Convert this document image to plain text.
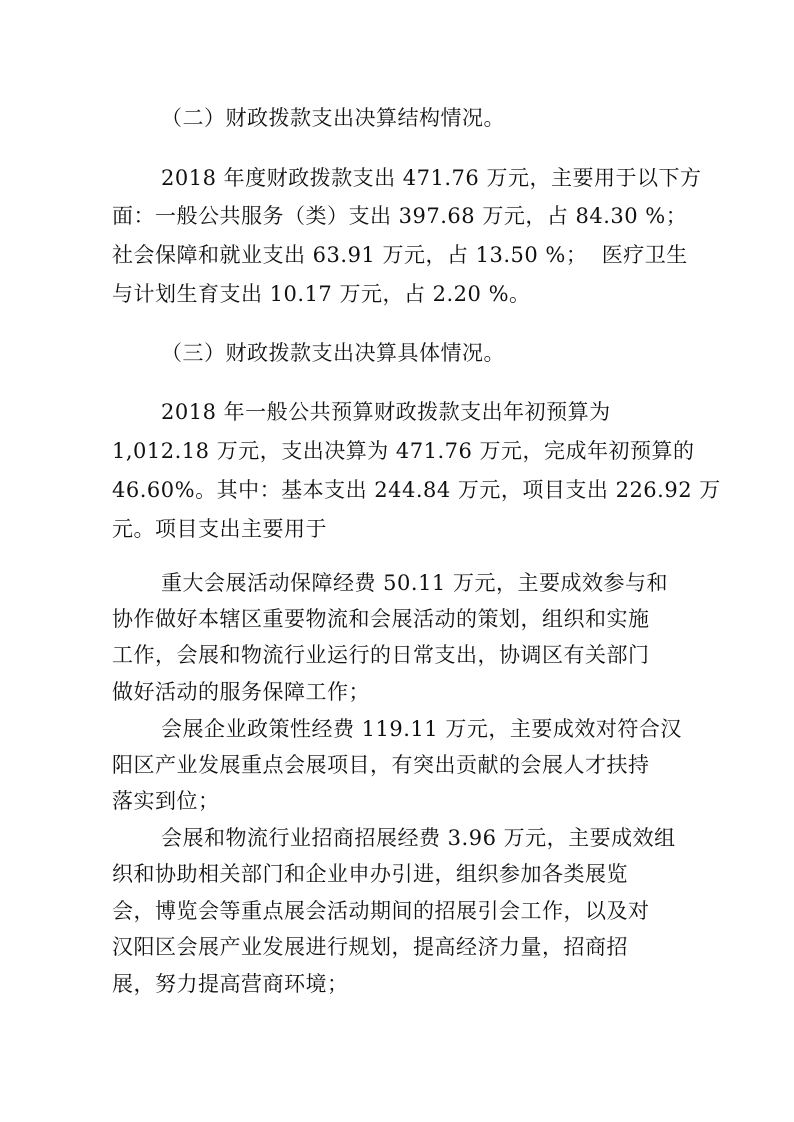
（二）财政拨款支出决算结构情况。
2018 年度财政拨款支出 471.76 万元，主要用于以下方
面：一般公共服务（类）支出 397.68 万元，占 84.30 %；
社会保障和就业支出 63.91 万元，占 13.50 %；  医疗卫生
与计划生育支出 10.17 万元，占 2.20 %。
（三）财政拨款支出决算具体情况。
2018 年一般公共预算财政拨款支出年初预算为
1,012.18 万元，支出决算为 471.76 万元，完成年初预算的
46.60%。其中：基本支出 244.84 万元，项目支出 226.92 万
元。项目支出主要用于
重大会展活动保障经费 50.11 万元，主要成效参与和
协作做好本辖区重要物流和会展活动的策划，组织和实施
工作，会展和物流行业运行的日常支出，协调区有关部门
做好活动的服务保障工作；
会展企业政策性经费 119.11 万元，主要成效对符合汉
阳区产业发展重点会展项目，有突出贡献的会展人才扶持
落实到位；
会展和物流行业招商招展经费 3.96 万元，主要成效组
织和协助相关部门和企业申办引进，组织参加各类展览
会，博览会等重点展会活动期间的招展引会工作，以及对
汉阳区会展产业发展进行规划，提高经济力量，招商招
展，努力提高营商环境；
